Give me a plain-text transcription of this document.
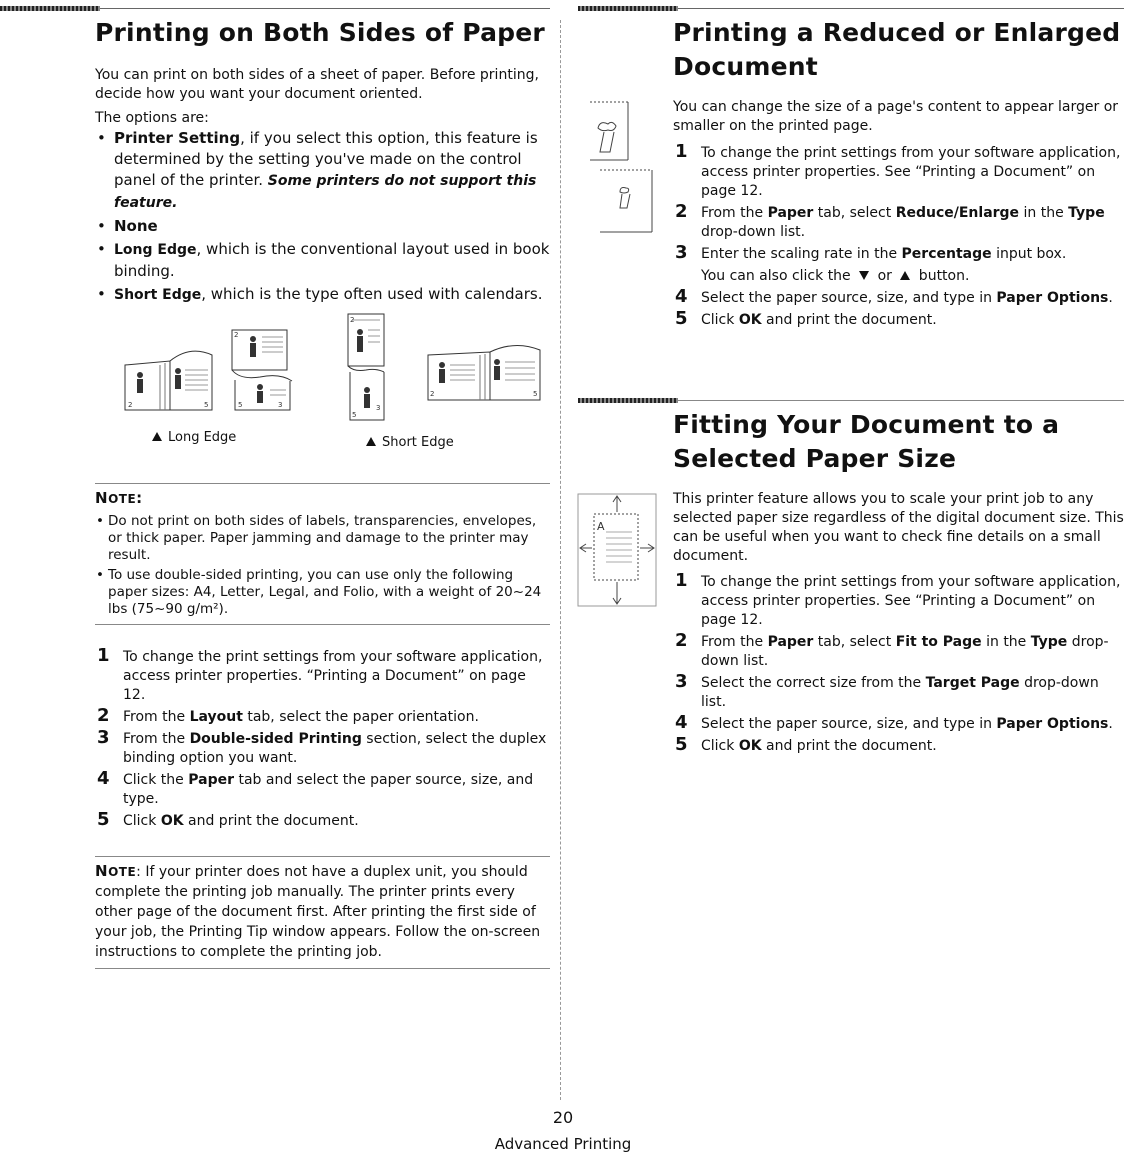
Printing on Both Sides of Paper

You can print on both sides of a sheet of paper. Before printing, decide how you want your document oriented.

The options are:

• Printer Setting, if you select this option, this feature is determined by the setting you've made on the control panel of the printer. Some printers do not support this feature.
• None
• Long Edge, which is the conventional layout used in book binding.
• Short Edge, which is the type often used with calendars.
2	5
2
5	3
Long Edge
2
5
3
2	5
Short Edge
NOTE:
• Do not print on both sides of labels, transparencies, envelopes, or thick paper. Paper jamming and damage to the printer may result.
• To use double-sided printing, you can use only the following paper sizes: A4, Letter, Legal, and Folio, with a weight of 20~24 lbs (75~90 g/m²).
1 To change the print settings from your software application, access printer properties. “Printing a Document” on page 12.
2 From the Layout tab, select the paper orientation.
3 From the Double-sided Printing section, select the duplex binding option you want.
4 Click the Paper tab and select the paper source, size, and type.
5 Click OK and print the document.

NOTE: If your printer does not have a duplex unit, you should complete the printing job manually. The printer prints every other page of the document first. After printing the first side of your job, the Printing Tip window appears. Follow the on-screen instructions to complete the printing job.

Printing a Reduced or Enlarged Document

You can change the size of a page's content to appear larger or smaller on the printed page.

1 To change the print settings from your software application, access printer properties. See “Printing a Document” on page 12.
2 From the Paper tab, select Reduce/Enlarge in the Type drop-down list.
3 Enter the scaling rate in the Percentage input box.
You can also click the  or  button.
4 Select the paper source, size, and type in Paper Options.
5 Click OK and print the document.
Fitting Your Document to a Selected Paper Size
A

This printer feature allows you to scale your print job to any selected paper size regardless of the digital document size. This can be useful when you want to check fine details on a small document.

1 To change the print settings from your software application, access printer properties. See “Printing a Document” on page 12.
2 From the Paper tab, select Fit to Page in the Type drop-down list.
3 Select the correct size from the Target Page drop-down list.
4 Select the paper source, size, and type in Paper Options.
5 Click OK and print the document.
20
Advanced Printing
